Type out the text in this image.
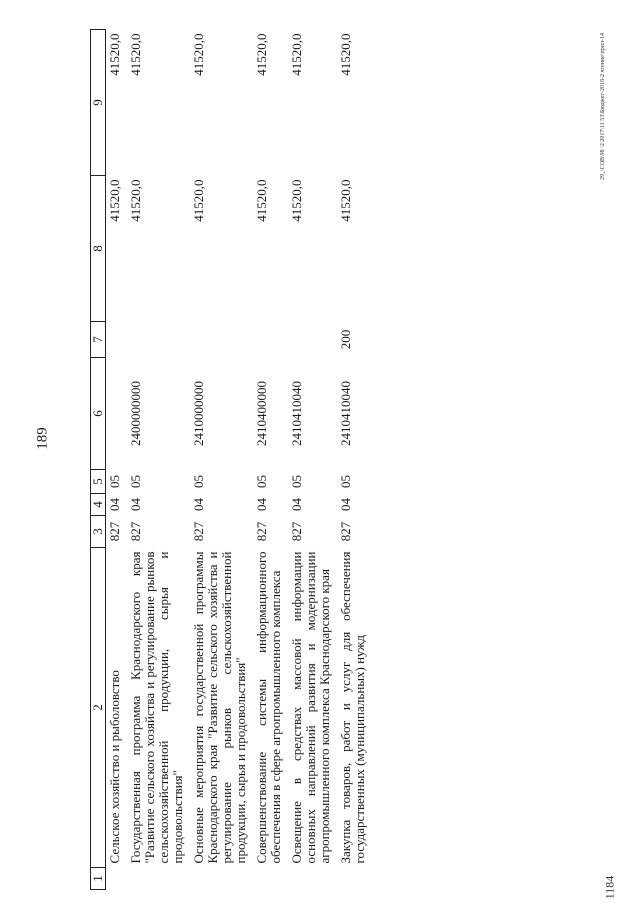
189
29_\СОВ\98 \2 2017\11 53\Бюджет-2018-2 чтение\прил-14
1184
1	2	3	4	5	6	7	8	9
	Сельское хозяйство и рыболовство	827	04	05			41520,0	41520,0
	Государственная программа Краснодарского края "Развитие сельского хозяйства и регулирование рынков сельскохозяйственной продукции, сырья и продовольствия"	827	04	05	2400000000		41520,0	41520,0
	Основные мероприятия государственной программы Краснодарского края "Развитие сельского хозяйства и регулирование рынков сельскохозяйственной продукции, сырья и продовольствия"	827	04	05	2410000000		41520,0	41520,0
	Совершенствование системы информационного обеспечения в сфере агропромышленного комплекса	827	04	05	2410400000		41520,0	41520,0
	Освещение в средствах массовой информации основных направлений развития и модернизации агропромышленного комплекса Краснодарского края	827	04	05	2410410040		41520,0	41520,0
	Закупка товаров, работ и услуг для обеспечения государственных (муниципальных) нужд	827	04	05	2410410040	200	41520,0	41520,0
